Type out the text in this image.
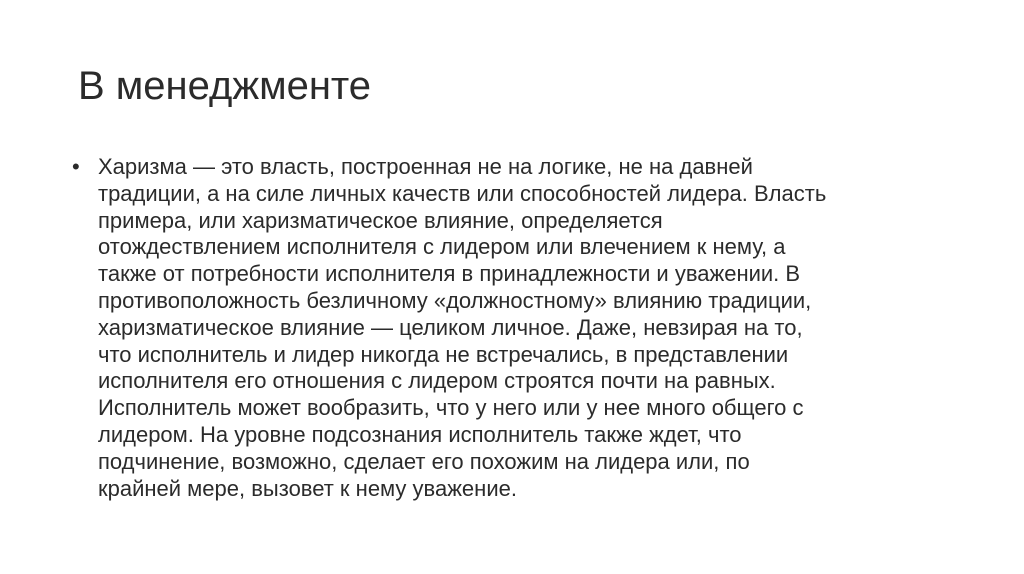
В менеджменте
• Харизма — это власть, построенная не на логике, не на давней
традиции, а на силе личных качеств или способностей лидера. Власть
примера, или харизматическое влияние, определяется
отождествлением исполнителя с лидером или влечением к нему, а
также от потребности исполнителя в принадлежности и уважении. В
противоположность безличному «должностному» влиянию традиции,
харизматическое влияние — целиком личное. Даже, невзирая на то,
что исполнитель и лидер никогда не встречались, в представлении
исполнителя его отношения с лидером строятся почти на равных.
Исполнитель может вообразить, что у него или у нее много общего с
лидером. На уровне подсознания исполнитель также ждет, что
подчинение, возможно, сделает его похожим на лидера или, по
крайней мере, вызовет к нему уважение.
